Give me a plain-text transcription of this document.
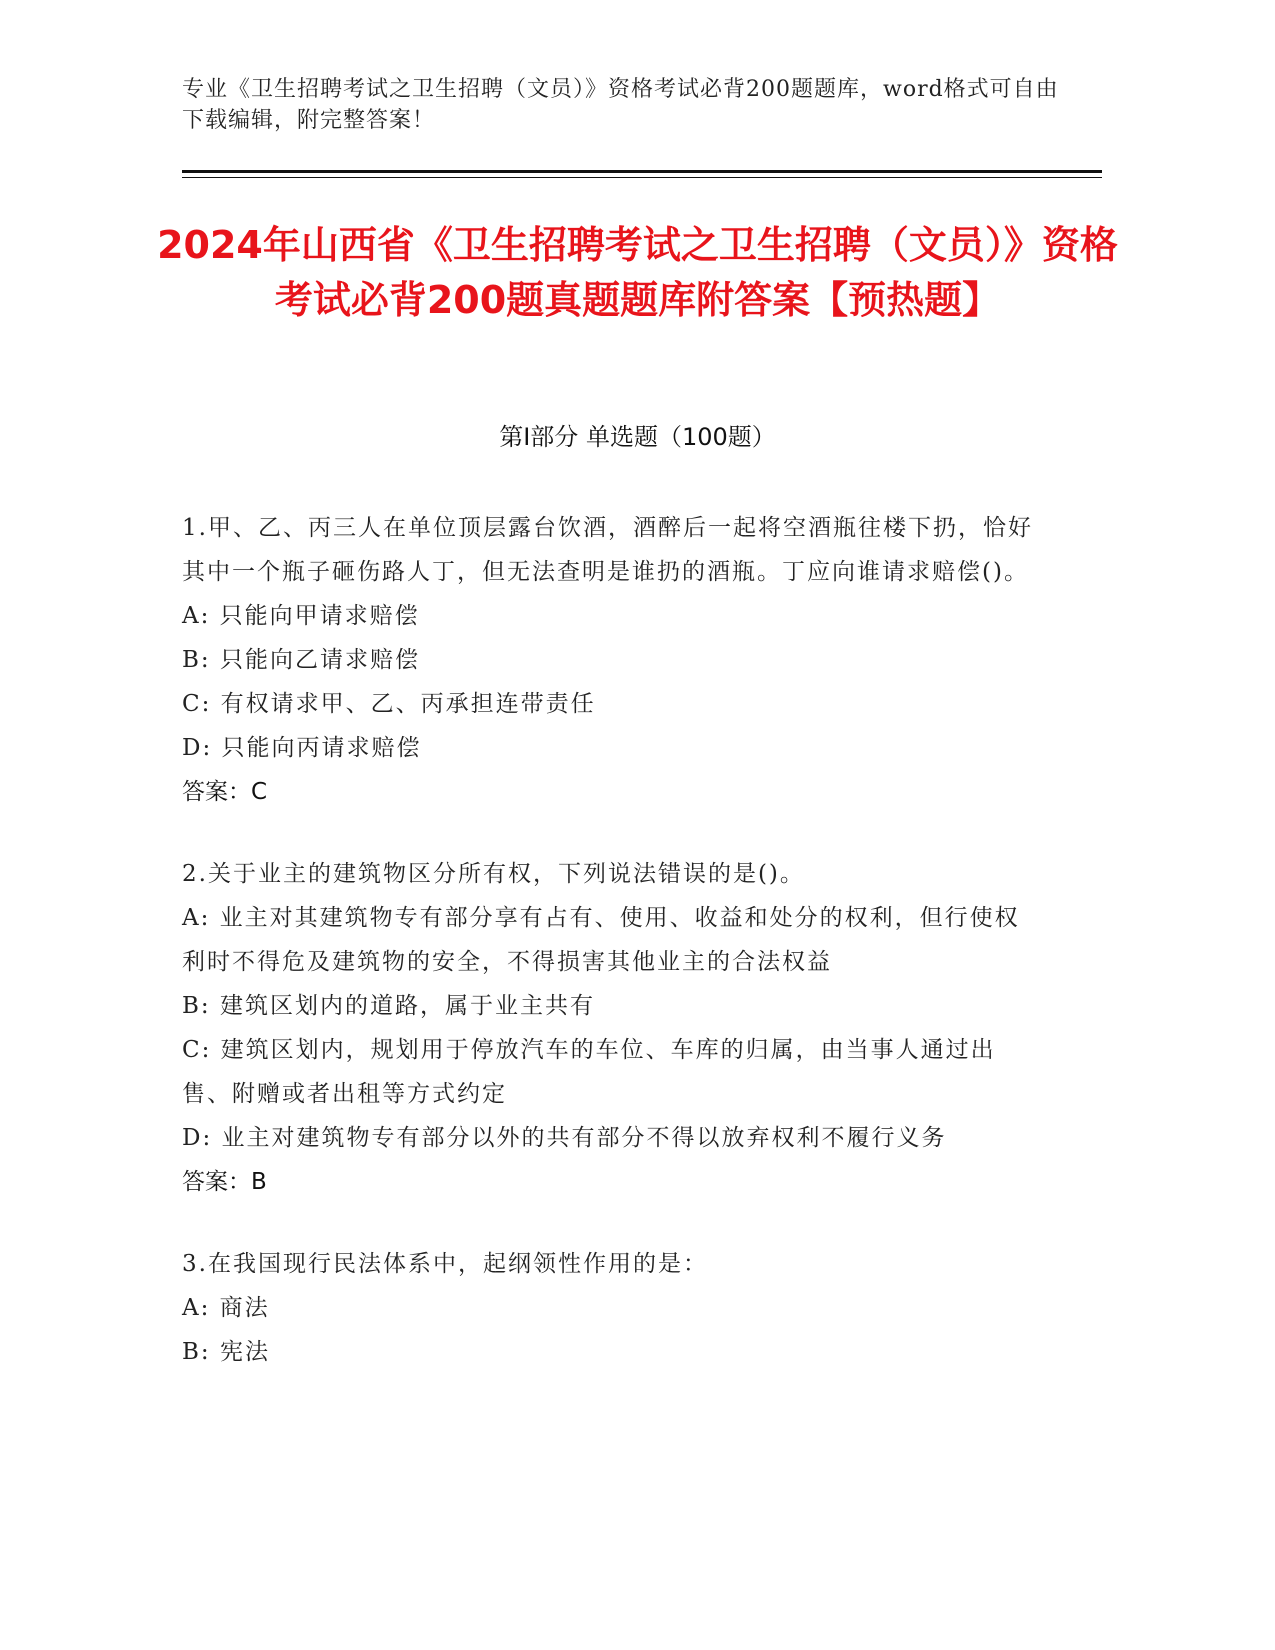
专业《卫生招聘考试之卫生招聘（文员）》资格考试必背200题题库，word格式可自由下载编辑，附完整答案！
2024年山西省《卫生招聘考试之卫生招聘（文员）》资格考试必背200题真题题库附答案【预热题】
第I部分 单选题（100题）
1.甲、乙、丙三人在单位顶层露台饮酒，酒醉后一起将空酒瓶往楼下扔，恰好其中一个瓶子砸伤路人丁，但无法查明是谁扔的酒瓶。丁应向谁请求赔偿()。
A: 只能向甲请求赔偿
B: 只能向乙请求赔偿
C: 有权请求甲、乙、丙承担连带责任
D: 只能向丙请求赔偿
答案：C
2.关于业主的建筑物区分所有权，下列说法错误的是()。
A: 业主对其建筑物专有部分享有占有、使用、收益和处分的权利，但行使权利时不得危及建筑物的安全，不得损害其他业主的合法权益
B: 建筑区划内的道路，属于业主共有
C: 建筑区划内，规划用于停放汽车的车位、车库的归属，由当事人通过出售、附赠或者出租等方式约定
D: 业主对建筑物专有部分以外的共有部分不得以放弃权利不履行义务
答案：B
3.在我国现行民法体系中，起纲领性作用的是：
A: 商法
B: 宪法
